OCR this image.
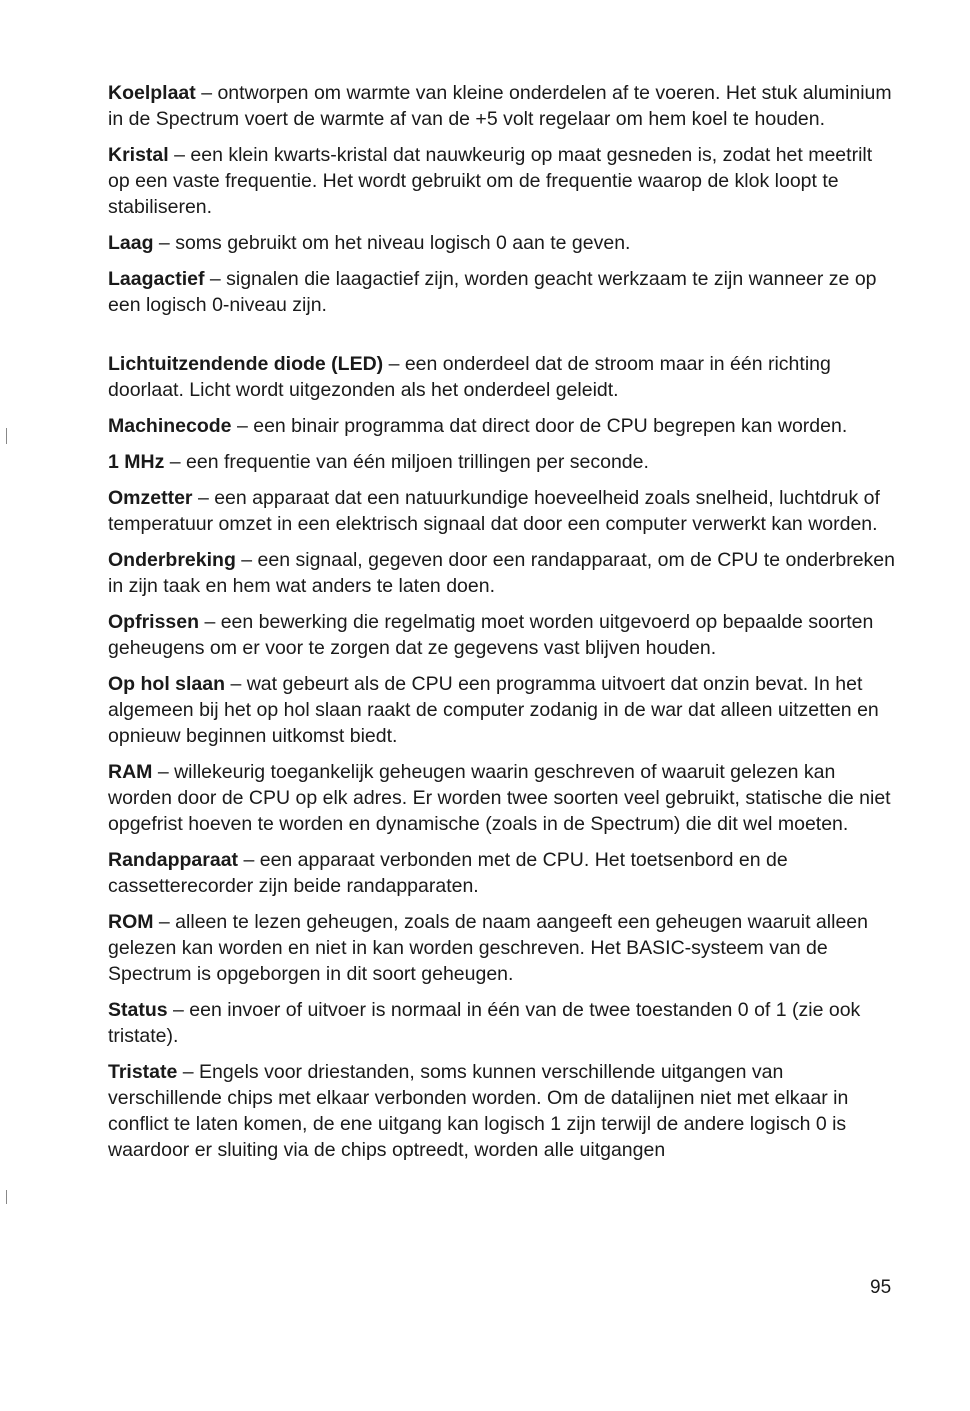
Koelplaat – ontworpen om warmte van kleine onderdelen af te voeren. Het stuk aluminium in de Spectrum voert de warmte af van de +5 volt regelaar om hem koel te houden.

Kristal – een klein kwarts-kristal dat nauwkeurig op maat gesneden is, zodat het meetrilt op een vaste frequentie. Het wordt gebruikt om de frequentie waarop de klok loopt te stabiliseren.

Laag – soms gebruikt om het niveau logisch 0 aan te geven.

Laagactief – signalen die laagactief zijn, worden geacht werkzaam te zijn wanneer ze op een logisch 0-niveau zijn.

Lichtuitzendende diode (LED) – een onderdeel dat de stroom maar in één richting doorlaat. Licht wordt uitgezonden als het onderdeel geleidt.

Machinecode – een binair programma dat direct door de CPU begrepen kan worden.

1 MHz – een frequentie van één miljoen trillingen per seconde.

Omzetter – een apparaat dat een natuurkundige hoeveelheid zoals snelheid, luchtdruk of temperatuur omzet in een elektrisch signaal dat door een computer verwerkt kan worden.

Onderbreking – een signaal, gegeven door een randapparaat, om de CPU te onderbreken in zijn taak en hem wat anders te laten doen.

Opfrissen – een bewerking die regelmatig moet worden uitgevoerd op bepaalde soorten geheugens om er voor te zorgen dat ze gegevens vast blijven houden.

Op hol slaan – wat gebeurt als de CPU een programma uitvoert dat onzin bevat. In het algemeen bij het op hol slaan raakt de computer zodanig in de war dat alleen uitzetten en opnieuw beginnen uitkomst biedt.

RAM – willekeurig toegankelijk geheugen waarin geschreven of waaruit gelezen kan worden door de CPU op elk adres. Er worden twee soorten veel gebruikt, statische die niet opgefrist hoeven te worden en dynamische (zoals in de Spectrum) die dit wel moeten.

Randapparaat – een apparaat verbonden met de CPU. Het toetsenbord en de cassetterecorder zijn beide randapparaten.

ROM – alleen te lezen geheugen, zoals de naam aangeeft een geheugen waaruit alleen gelezen kan worden en niet in kan worden geschreven. Het BASIC-systeem van de Spectrum is opgeborgen in dit soort geheugen.

Status – een invoer of uitvoer is normaal in één van de twee toestanden 0 of 1 (zie ook tristate).

Tristate – Engels voor driestanden, soms kunnen verschillende uitgangen van verschillende chips met elkaar verbonden worden. Om de datalijnen niet met elkaar in conflict te laten komen, de ene uitgang kan logisch 1 zijn terwijl de andere logisch 0 is waardoor er sluiting via de chips optreedt, worden alle uitgangen

95
